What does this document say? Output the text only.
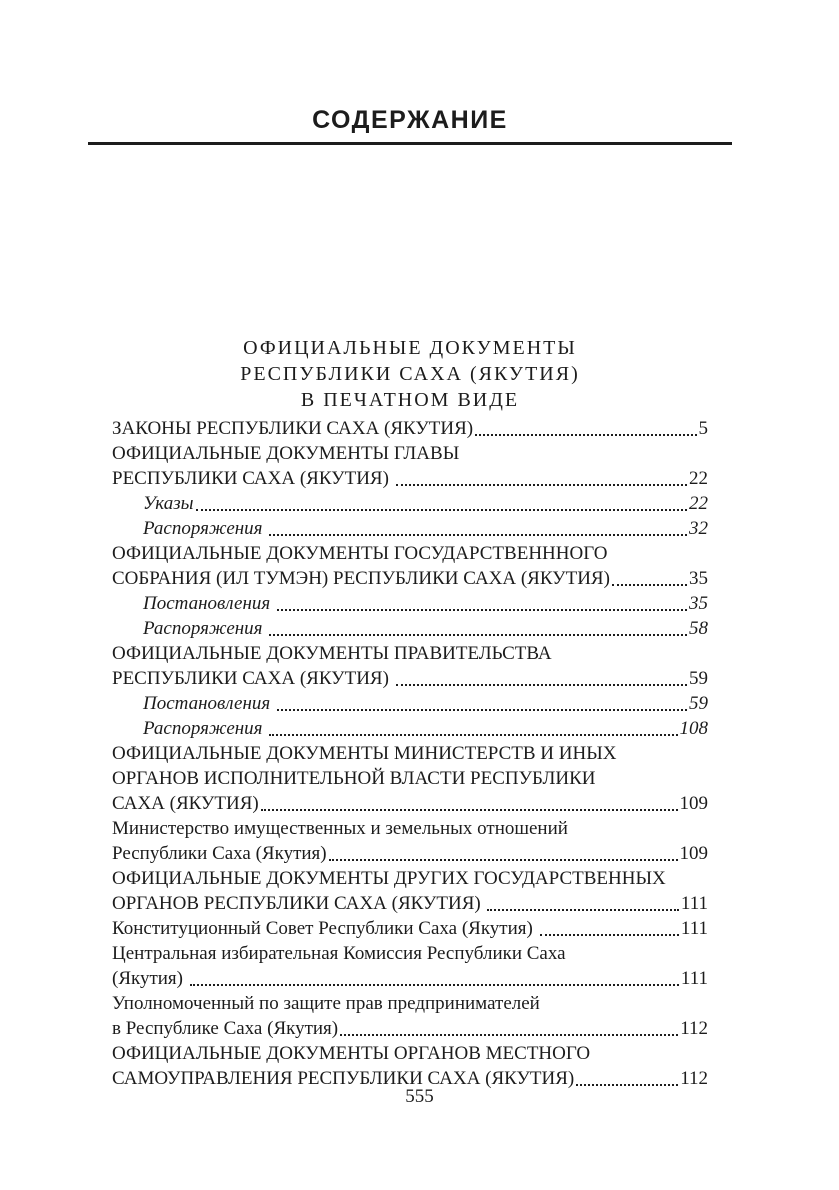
СОДЕРЖАНИЕ
ОФИЦИАЛЬНЫЕ ДОКУМЕНТЫ
РЕСПУБЛИКИ САХА (ЯКУТИЯ)
В ПЕЧАТНОМ ВИДЕ
ЗАКОНЫ РЕСПУБЛИКИ САХА (ЯКУТИЯ)	5
ОФИЦИАЛЬНЫЕ ДОКУМЕНТЫ ГЛАВЫ
РЕСПУБЛИКИ САХА (ЯКУТИЯ)	22
Указы	22
Распоряжения	32
ОФИЦИАЛЬНЫЕ ДОКУМЕНТЫ ГОСУДАРСТВЕНННОГО
СОБРАНИЯ (ИЛ ТУМЭН) РЕСПУБЛИКИ САХА (ЯКУТИЯ)	35
Постановления	35
Распоряжения	58
ОФИЦИАЛЬНЫЕ ДОКУМЕНТЫ ПРАВИТЕЛЬСТВА
РЕСПУБЛИКИ САХА (ЯКУТИЯ)	59
Постановления	59
Распоряжения	108
ОФИЦИАЛЬНЫЕ ДОКУМЕНТЫ МИНИСТЕРСТВ И ИНЫХ
ОРГАНОВ ИСПОЛНИТЕЛЬНОЙ ВЛАСТИ РЕСПУБЛИКИ
САХА (ЯКУТИЯ)	109
Министерство имущественных и земельных отношений
Республики Саха (Якутия)	109
ОФИЦИАЛЬНЫЕ ДОКУМЕНТЫ ДРУГИХ ГОСУДАРСТВЕННЫХ
ОРГАНОВ РЕСПУБЛИКИ САХА (ЯКУТИЯ)	111
Конституционный Совет Республики Саха (Якутия)	111
Центральная избирательная Комиссия Республики Саха
(Якутия)	111
Уполномоченный по защите прав предпринимателей
в Республике Саха (Якутия)	112
ОФИЦИАЛЬНЫЕ ДОКУМЕНТЫ ОРГАНОВ МЕСТНОГО
САМОУПРАВЛЕНИЯ РЕСПУБЛИКИ САХА (ЯКУТИЯ)	112
555
